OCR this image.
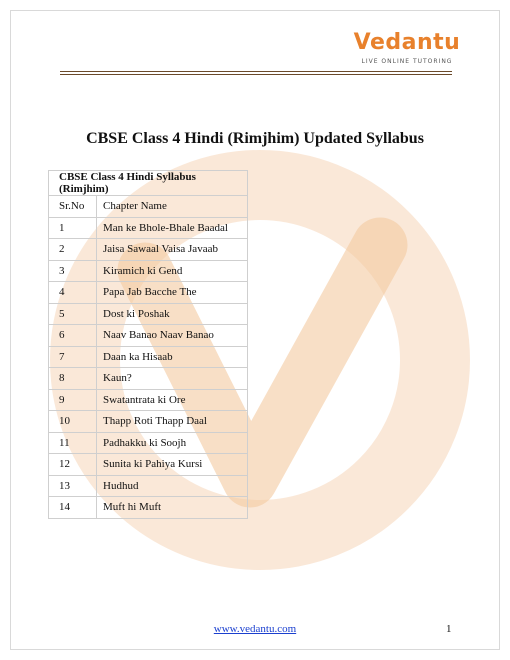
Vedantu
LIVE ONLINE TUTORING
CBSE Class 4 Hindi (Rimjhim) Updated Syllabus
CBSE Class 4 Hindi Syllabus (Rimjhim)	
Sr.No	Chapter Name
1	Man ke Bhole-Bhale Baadal
2	Jaisa Sawaal Vaisa Javaab
3	Kiramich ki Gend
4	Papa Jab Bacche The
5	Dost ki Poshak
6	Naav Banao Naav Banao
7	Daan ka Hisaab
8	Kaun?
9	Swatantrata ki Ore
10	Thapp Roti Thapp Daal
11	Padhakku ki Soojh
12	Sunita ki Pahiya Kursi
13	Hudhud
14	Muft hi Muft
www.vedantu.com	1
